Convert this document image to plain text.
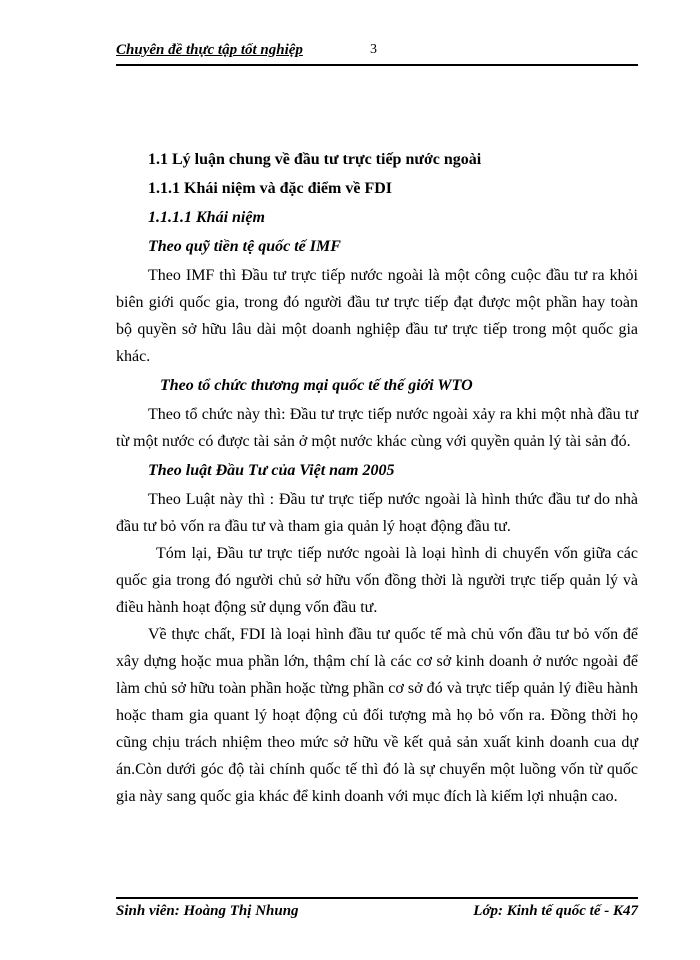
Chuyên đề thực tập tốt nghiệp	3
1.1 Lý luận chung về đầu tư trực tiếp nước ngoài
1.1.1 Khái niệm và đặc điểm về FDI
1.1.1.1 Khái niệm
Theo quỹ tiền tệ quốc tế IMF

Theo IMF thì Đầu tư trực tiếp nước ngoài là một công cuộc đầu tư ra khỏi biên giới quốc gia, trong đó người đầu tư trực tiếp đạt được một phần hay toàn bộ quyền sở hữu lâu dài một doanh nghiệp đầu tư trực tiếp trong một quốc gia khác.

Theo tổ chức thương mại quốc tế thế giới WTO

Theo tổ chức này thì: Đầu tư trực tiếp nước ngoài xảy ra khi một nhà đầu tư từ một nước có được tài sản ở một nước khác cùng với quyền quản lý tài sản đó.

Theo luật Đầu Tư của Việt nam 2005

Theo Luật này thì : Đầu tư trực tiếp nước ngoài là hình thức đầu tư do nhà đầu tư bỏ vốn ra đầu tư và tham gia quản lý hoạt động đầu tư.

Tóm lại, Đầu tư trực tiếp nước ngoài là loại hình di chuyển vốn giữa các quốc gia trong đó người chủ sở hữu vốn đồng thời là người trực tiếp quản lý và điều hành hoạt động sử dụng vốn đầu tư.

Về thực chất, FDI là loại hình đầu tư quốc tế mà chủ vốn đầu tư bỏ vốn để xây dựng hoặc mua phần lớn, thậm chí là các cơ sở kinh doanh ở nước ngoài để làm chủ sở hữu toàn phần hoặc từng phần cơ sở đó và trực tiếp quản lý điều hành hoặc tham gia quant lý hoạt động củ đối tượng mà họ bỏ vốn ra. Đồng thời họ cũng chịu trách nhiệm theo mức sở hữu về kết quả sản xuất kinh doanh cua dự án.Còn dưới góc độ tài chính quốc tế thì đó là sự chuyển một luồng vốn từ quốc gia này sang quốc gia khác để kinh doanh với mục đích là kiếm lợi nhuận cao.

Sinh viên: Hoàng Thị Nhung	Lớp: Kinh tế quốc tế - K47
